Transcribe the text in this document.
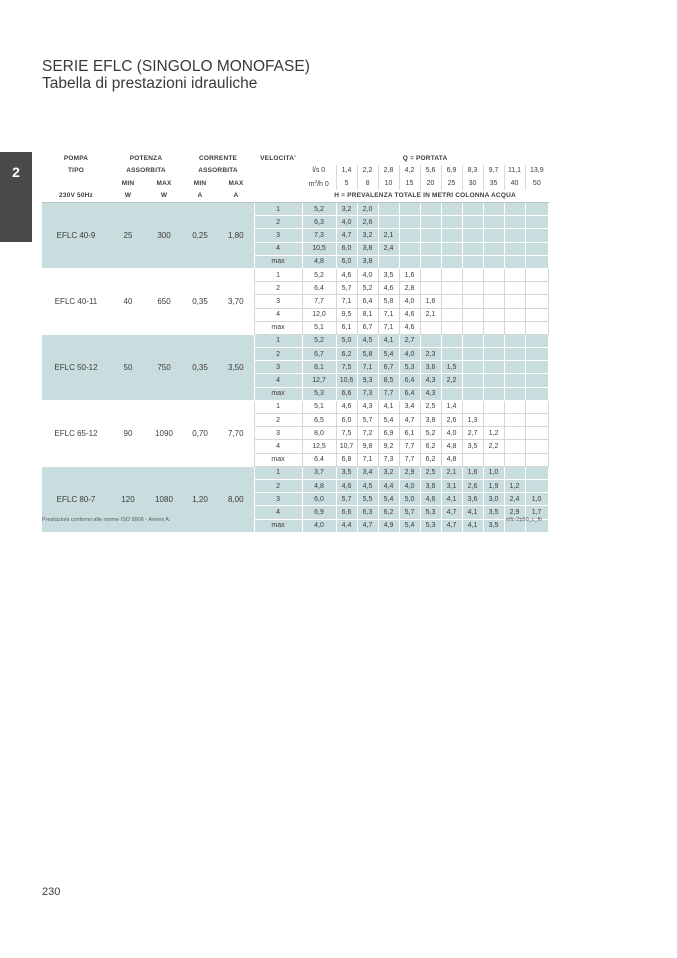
SERIE EFLC (SINGOLO MONOFASE)
Tabella di prestazioni idrauliche
2
POMPA	POTENZA		CORRENTE		VELOCITA'	Q = PORTATA										
TIPO	ASSORBITA		ASSORBITA			l/s 0	1,4	2,2	2,8	4,2	5,6	6,9	8,3	9,7	11,1	13,9
	MIN	MAX	MIN	MAX		$m^3/h$ 0	5	8	10	15	20	25	30	35	40	50
230V 50Hz	W	W	A	A		H = PREVALENZA TOTALE IN METRI COLONNA ACQUA										
EFLC 40-9	25	300	0,25	1,80	1	5,2	3,2	2,0								
					2	6,3	4,0	2,6								
					3	7,3	4,7	3,2	2,1							
					4	10,5	6,0	3,8	2,4							
					max	4,8	6,0	3,8								
EFLC 40-11	40	650	0,35	3,70	1	5,2	4,6	4,0	3,5	1,6						
					2	6,4	5,7	5,2	4,6	2,8						
					3	7,7	7,1	6,4	5,8	4,0	1,6					
					4	12,0	9,5	8,1	7,1	4,6	2,1					
					max	5,1	6,1	6,7	7,1	4,6						
EFLC 50-12	50	750	0,35	3,50	1	5,2	5,0	4,5	4,1	2,7						
					2	6,7	6,2	5,8	5,4	4,0	2,3					
					3	8,1	7,5	7,1	6,7	5,3	3,6	1,5				
					4	12,7	10,6	9,3	8,5	6,4	4,3	2,2				
					max	5,3	6,6	7,3	7,7	6,4	4,3					
EFLC 65-12	90	1090	0,70	7,70	1	5,1	4,6	4,3	4,1	3,4	2,5	1,4				
					2	6,5	6,0	5,7	5,4	4,7	3,8	2,6	1,3			
					3	8,0	7,5	7,2	6,9	6,1	5,2	4,0	2,7	1,2		
					4	12,5	10,7	9,8	9,2	7,7	6,2	4,8	3,5	2,2		
					max	6,4	6,8	7,1	7,3	7,7	6,2	4,8				
EFLC 80-7	120	1080	1,20	8,00	1	3,7	3,5	3,4	3,2	2,9	2,5	2,1	1,6	1,0		
					2	4,8	4,6	4,5	4,4	4,0	3,6	3,1	2,6	1,9	1,2	
					3	6,0	5,7	5,5	5,4	5,0	4,6	4,1	3,6	3,0	2,4	1,0
					4	6,9	6,6	6,3	6,2	5,7	5,3	4,7	4,1	3,5	2,9	1,7
					max	4,0	4,4	4,7	4,9	5,4	5,3	4,7	4,1	3,5		
Prestazioni conformi alle norme ISO 9906 - Annex A.	eflc-2p50_c_fh
230
